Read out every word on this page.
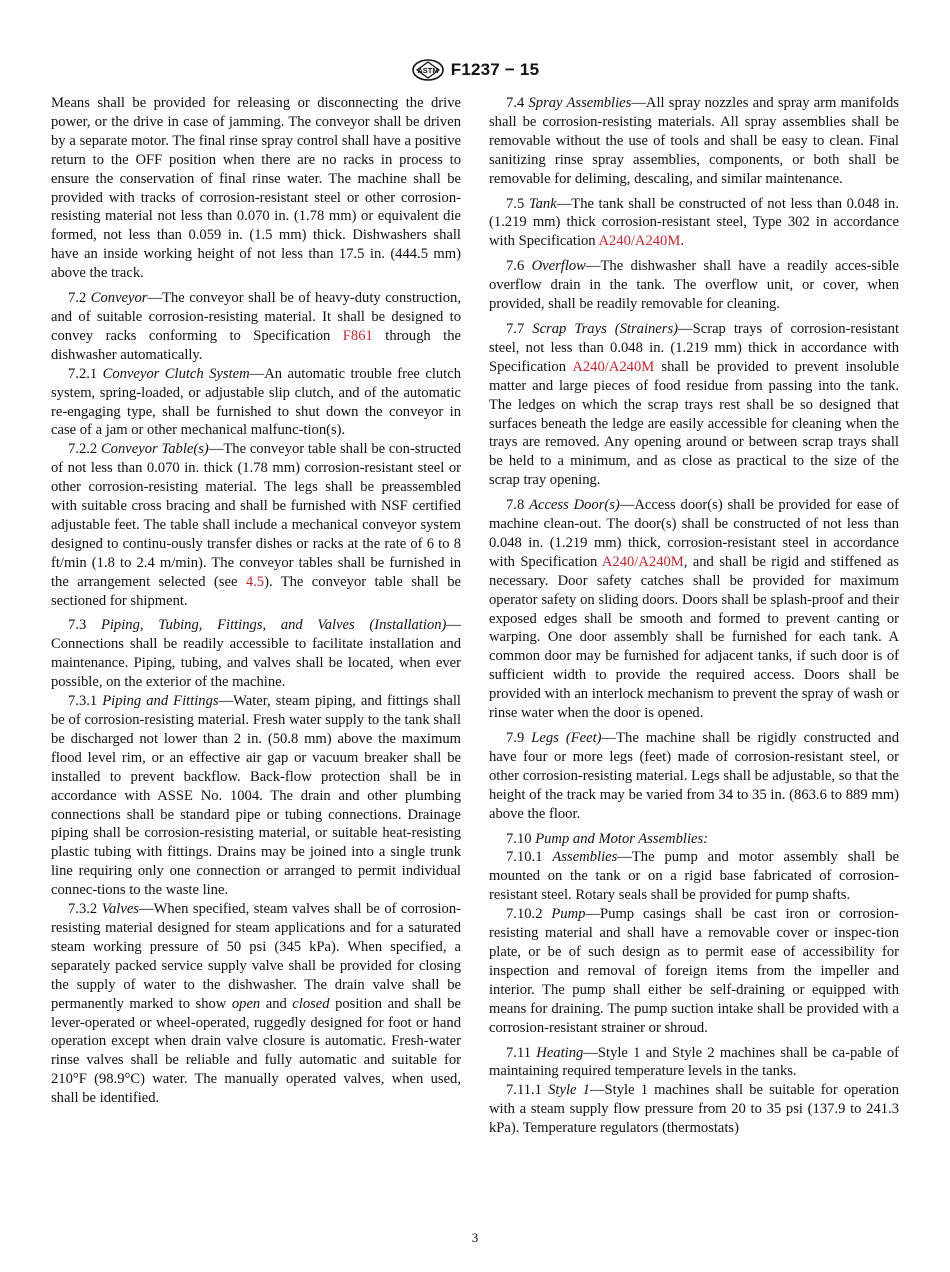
ASTM F1237 − 15

Means shall be provided for releasing or disconnecting the drive power, or the drive in case of jamming. The conveyor shall be driven by a separate motor. The final rinse spray control shall have a positive return to the OFF position when there are no racks in process to ensure the conservation of final rinse water. The machine shall be provided with tracks of corrosion-resistant steel or other corrosion-resisting material not less than 0.070 in. (1.78 mm) or equivalent die formed, not less than 0.059 in. (1.5 mm) thick. Dishwashers shall have an inside working height of not less than 17.5 in. (444.5 mm) above the track.

7.2 Conveyor—The conveyor shall be of heavy-duty construction, and of suitable corrosion-resisting material. It shall be designed to convey racks conforming to Specification F861 through the dishwasher automatically.

7.2.1 Conveyor Clutch System—An automatic trouble free clutch system, spring-loaded, or adjustable slip clutch, and of the automatic re-engaging type, shall be furnished to shut down the conveyor in case of a jam or other mechanical malfunc-tion(s).

7.2.2 Conveyor Table(s)—The conveyor table shall be con-structed of not less than 0.070 in. thick (1.78 mm) corrosion-resistant steel or other corrosion-resisting material. The legs shall be preassembled with suitable cross bracing and shall be furnished with NSF certified adjustable feet. The table shall include a mechanical conveyor system designed to continu-ously transfer dishes or racks at the rate of 6 to 8 ft/min (1.8 to 2.4 m/min). The conveyor tables shall be furnished in the arrangement selected (see 4.5). The conveyor table shall be sectioned for shipment.

7.3 Piping, Tubing, Fittings, and Valves (Installation)— Connections shall be readily accessible to facilitate installation and maintenance. Piping, tubing, and valves shall be located, when ever possible, on the exterior of the machine.

7.3.1 Piping and Fittings—Water, steam piping, and fittings shall be of corrosion-resisting material. Fresh water supply to the tank shall be discharged not lower than 2 in. (50.8 mm) above the maximum flood level rim, or an effective air gap or vacuum breaker shall be installed to prevent backflow. Back-flow protection shall be in accordance with ASSE No. 1004. The drain and other plumbing connections shall be standard pipe or tubing connections. Drainage piping shall be corrosion-resisting material, or suitable heat-resisting plastic tubing with fittings. Drains may be joined into a single trunk line requiring only one connection or arranged to permit individual connec-tions to the waste line.

7.3.2 Valves—When specified, steam valves shall be of corrosion-resisting material designed for steam applications and for a saturated steam working pressure of 50 psi (345 kPa). When specified, a separately packed service supply valve shall be provided for closing the supply of water to the dishwasher. The drain valve shall be permanently marked to show open and closed position and shall be lever-operated or wheel-operated, ruggedly designed for foot or hand operation except when drain valve closure is automatic. Fresh-water rinse valves shall be reliable and fully automatic and suitable for 210°F (98.9°C) water. The manually operated valves, when used, shall be identified.

7.4 Spray Assemblies—All spray nozzles and spray arm manifolds shall be corrosion-resisting materials. All spray assemblies shall be removable without the use of tools and shall be easy to clean. Final sanitizing rinse spray assemblies, components, or both shall be removable for deliming, descaling, and similar maintenance.

7.5 Tank—The tank shall be constructed of not less than 0.048 in. (1.219 mm) thick corrosion-resistant steel, Type 302 in accordance with Specification A240/A240M.

7.6 Overflow—The dishwasher shall have a readily acces-sible overflow drain in the tank. The overflow unit, or cover, when provided, shall be readily removable for cleaning.

7.7 Scrap Trays (Strainers)—Scrap trays of corrosion-resistant steel, not less than 0.048 in. (1.219 mm) thick in accordance with Specification A240/A240M shall be provided to prevent insoluble matter and large pieces of food residue from passing into the tank. The ledges on which the scrap trays rest shall be so designed that surfaces beneath the ledge are easily accessible for cleaning when the trays are removed. Any opening around or between scrap trays shall be held to a minimum, and as close as practical to the size of the scrap tray opening.

7.8 Access Door(s)—Access door(s) shall be provided for ease of machine clean-out. The door(s) shall be constructed of not less than 0.048 in. (1.219 mm) thick, corrosion-resistant steel in accordance with Specification A240/A240M, and shall be rigid and stiffened as necessary. Door safety catches shall be provided for maximum operator safety on sliding doors. Doors shall be splash-proof and their exposed edges shall be smooth and formed to prevent canting or warping. One door assembly shall be furnished for each tank. A common door may be furnished for adjacent tanks, if such door is of sufficient width to provide the required access. Doors shall be provided with an interlock mechanism to prevent the spray of wash or rinse water when the door is opened.

7.9 Legs (Feet)—The machine shall be rigidly constructed and have four or more legs (feet) made of corrosion-resistant steel, or other corrosion-resisting material. Legs shall be adjustable, so that the height of the track may be varied from 34 to 35 in. (863.6 to 889 mm) above the floor.

7.10 Pump and Motor Assemblies:

7.10.1 Assemblies—The pump and motor assembly shall be mounted on the tank or on a rigid base fabricated of corrosion-resistant steel. Rotary seals shall be provided for pump shafts.

7.10.2 Pump—Pump casings shall be cast iron or corrosion-resisting material and shall have a removable cover or inspec-tion plate, or be of such design as to permit ease of accessibility for inspection and removal of foreign items from the impeller and interior. The pump shall either be self-draining or equipped with means for draining. The pump suction intake shall be provided with a corrosion-resistant strainer or shroud.

7.11 Heating—Style 1 and Style 2 machines shall be ca-pable of maintaining required temperature levels in the tanks.

7.11.1 Style 1—Style 1 machines shall be suitable for operation with a steam supply flow pressure from 20 to 35 psi (137.9 to 241.3 kPa). Temperature regulators (thermostats)

3
